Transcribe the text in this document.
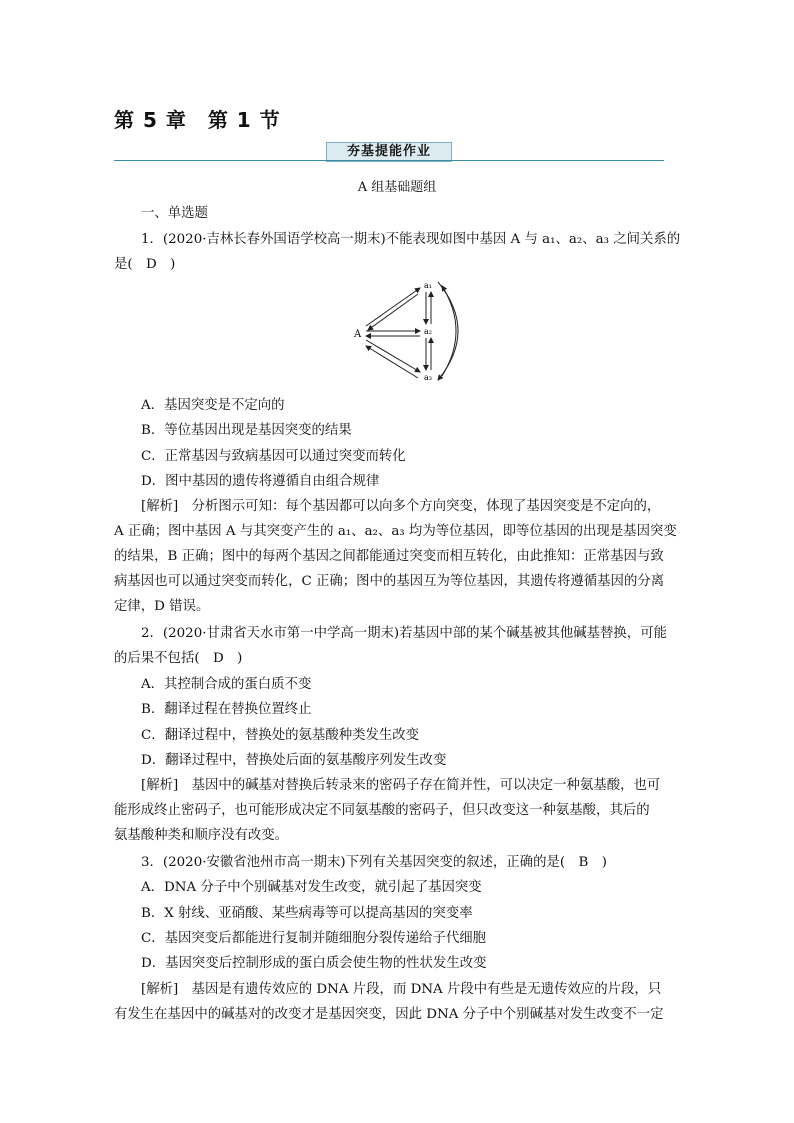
第 5 章　第 1 节
夯基提能作业
A 组基础题组
一、单选题
1．(2020·吉林长春外国语学校高一期末)不能表现如图中基因 A 与 a₁、a₂、a₃ 之间关系的
是(　D　)
A
a₁
a₂
a₃
A．基因突变是不定向的
B．等位基因出现是基因突变的结果
C．正常基因与致病基因可以通过突变而转化
D．图中基因的遗传将遵循自由组合规律
[解析]　分析图示可知：每个基因都可以向多个方向突变，体现了基因突变是不定向的，
A 正确；图中基因 A 与其突变产生的 a₁、a₂、a₃ 均为等位基因，即等位基因的出现是基因突变
的结果，B 正确；图中的每两个基因之间都能通过突变而相互转化，由此推知：正常基因与致
病基因也可以通过突变而转化，C 正确；图中的基因互为等位基因，其遗传将遵循基因的分离
定律，D 错误。
2．(2020·甘肃省天水市第一中学高一期末)若基因中部的某个碱基被其他碱基替换，可能
的后果不包括(　D　)
A．其控制合成的蛋白质不变
B．翻译过程在替换位置终止
C．翻译过程中，替换处的氨基酸种类发生改变
D．翻译过程中，替换处后面的氨基酸序列发生改变
[解析]　基因中的碱基对替换后转录来的密码子存在简并性，可以决定一种氨基酸，也可
能形成终止密码子，也可能形成决定不同氨基酸的密码子，但只改变这一种氨基酸，其后的
氨基酸种类和顺序没有改变。
3．(2020·安徽省池州市高一期末)下列有关基因突变的叙述，正确的是(　B　)
A．DNA 分子中个别碱基对发生改变，就引起了基因突变
B．X 射线、亚硝酸、某些病毒等可以提高基因的突变率
C．基因突变后都能进行复制并随细胞分裂传递给子代细胞
D．基因突变后控制形成的蛋白质会使生物的性状发生改变
[解析]　基因是有遗传效应的 DNA 片段，而 DNA 片段中有些是无遗传效应的片段，只
有发生在基因中的碱基对的改变才是基因突变，因此 DNA 分子中个别碱基对发生改变不一定
